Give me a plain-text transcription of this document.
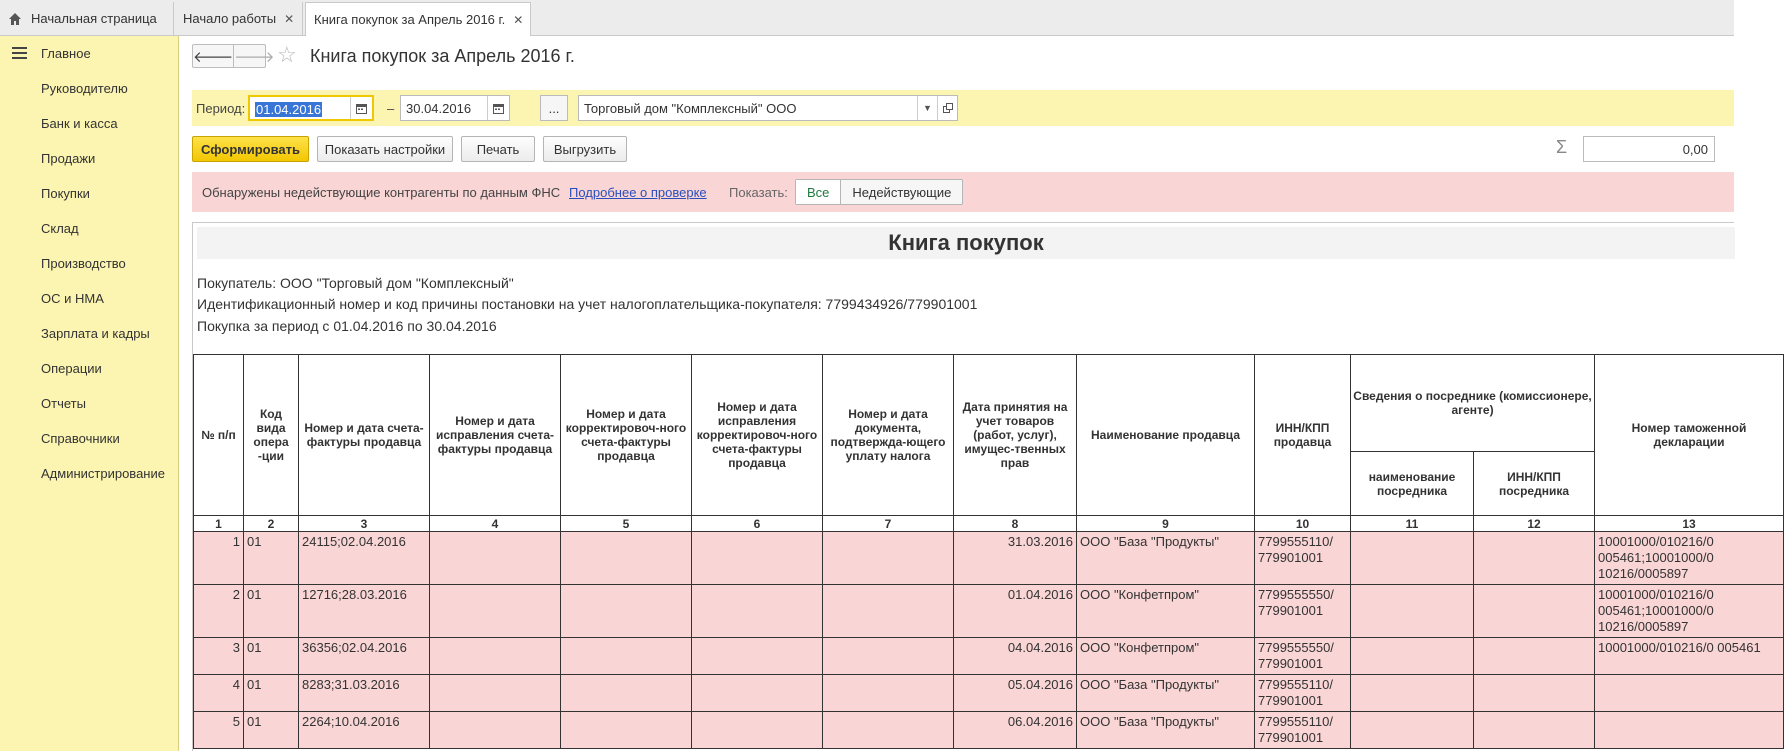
Начальная страница Начало работы ✕ Книга покупок за Апрель 2016 г. ✕
Главное
Руководителю
Банк и касса
Продажи
Покупки
Склад
Производство
ОС и НМА
Зарплата и кадры
Операции
Отчеты
Справочники
Администрирование
🡐 🡒 ☆ Книга покупок за Апрель 2016 г.
Период: 01.04.2016	– 30.04.2016	...	Торговый дом "Комплексный" ООО	▼
Сформировать	Показать настройки	Печать	Выгрузить	Σ	0,00
Обнаружены недействующие контрагенты по данным ФНС Подробнее о проверке Показать:	Все	Недействующие
Книга покупок
Покупатель: ООО "Торговый дом "Комплексный"
Идентификационный номер и код причины постановки на учет налогоплательщика-покупателя: 7799434926/779901001
Покупка за период с 01.04.2016 по 30.04.2016
№ п/п	Код вида опера -ции	Номер и дата счета-фактуры продавца	Номер и дата исправления счета-фактуры продавца	Номер и дата корректировоч-ного счета-фактуры продавца	Номер и дата исправления корректировоч-ного счета-фактуры продавца	Номер и дата документа, подтвержда-ющего уплату налога	Дата принятия на учет товаров (работ, услуг), имущес-твенных прав	Наименование продавца	ИНН/КПП продавца	Сведения о посреднике (комиссионере, агенте)		Номер таможенной декларации
										наименование посредника	ИНН/КПП посредника	
1	2	3	4	5	6	7	8	9	10	11	12	13
1	01	24115;02.04.2016					31.03.2016	ООО "База "Продукты"	7799555110/ 779901001			10001000/010216/0 005461;10001000/0 10216/0005897
2	01	12716;28.03.2016					01.04.2016	ООО "Конфетпром"	7799555550/ 779901001			10001000/010216/0 005461;10001000/0 10216/0005897
3	01	36356;02.04.2016					04.04.2016	ООО "Конфетпром"	7799555550/ 779901001			10001000/010216/0 005461
4	01	8283;31.03.2016					05.04.2016	ООО "База "Продукты"	7799555110/ 779901001			
5	01	2264;10.04.2016					06.04.2016	ООО "База "Продукты"	7799555110/ 779901001			
